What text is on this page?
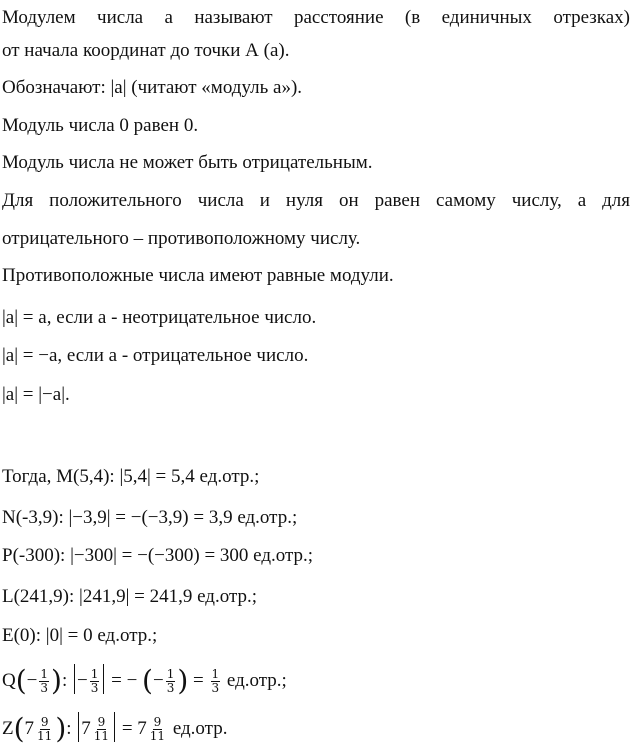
Модулем числа а называют расстояние (в единичных отрезках)
от начала координат до точки А (а).
Обозначают: |а| (читают «модуль а»).
Модуль числа 0 равен 0.
Модуль числа не может быть отрицательным.
Для положительного числа и нуля он равен самому числу, а для
отрицательного – противоположному числу.
Противоположные числа имеют равные модули.
|а| = а, если а - неотрицательное число.
|а| = −а, если а - отрицательное число.
|а| = |−а|.
Тогда, M(5,4): |5,4| = 5,4 ед.отр.;
N(-3,9): |−3,9| = −(−3,9) = 3,9 ед.отр.;
P(-300): |−300| = −(−300) = 300 ед.отр.;
L(241,9): |241,9| = 241,9 ед.отр.;
E(0): |0| = 0 ед.отр.;
$Q(- \frac{1}{3}$ ): − $\frac{1}{3}$ = − (− $\frac{1}{3}$ ) = $\frac{1}{3} ед.отр$.;
$Z(7 \frac{9}{11}$ ): $7 \frac{9}{11} = 7 \frac{9}{11} ед.отр$.
